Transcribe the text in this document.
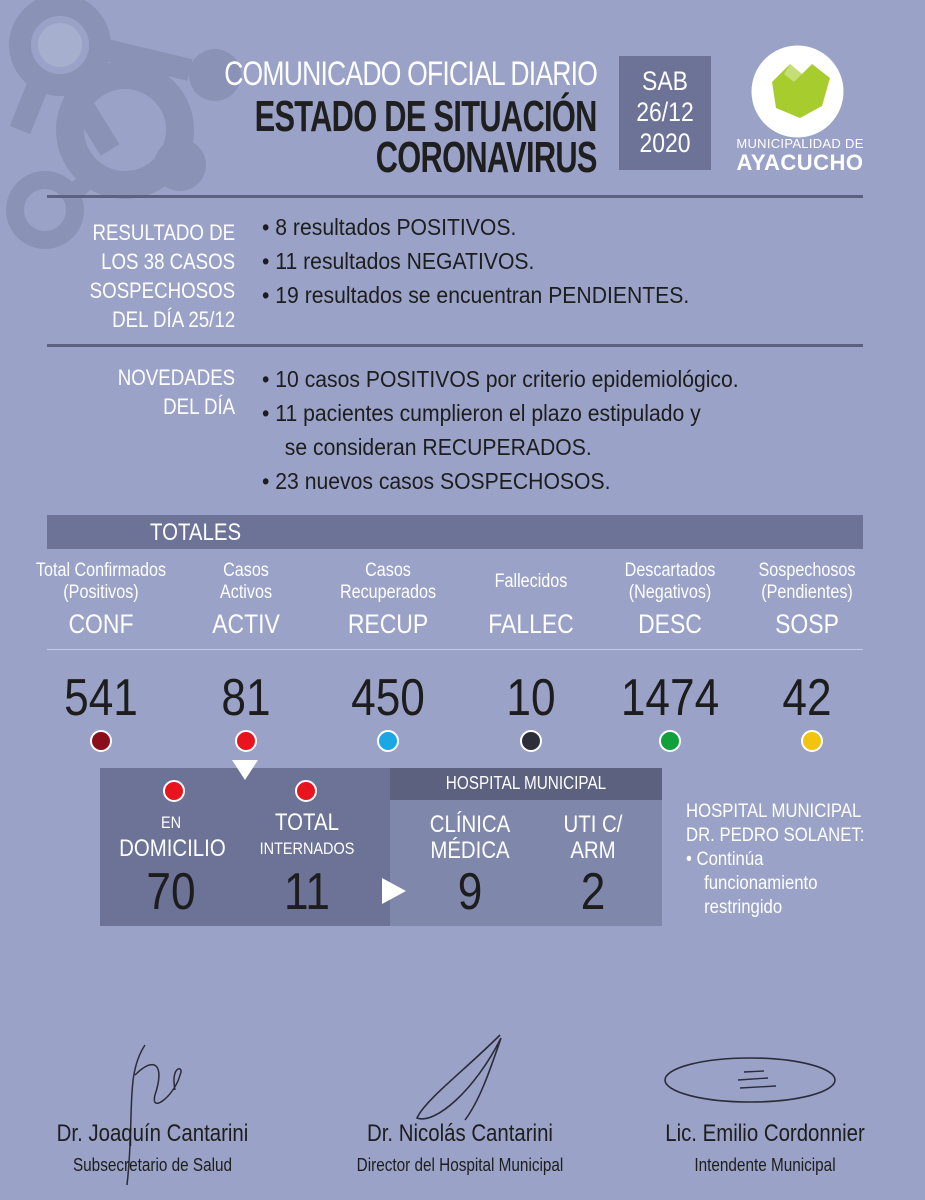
COMUNICADO OFICIAL DIARIO
ESTADO DE SITUACIÓN
CORONAVIRUS
SAB
26/12
2020	MUNICIPALIDAD DE
AYACUCHO
RESULTADO DE
LOS 38 CASOS
SOSPECHOSOS
DEL DÍA 25/12
• 8 resultados POSITIVOS.
• 11 resultados NEGATIVOS.
• 19 resultados se encuentran PENDIENTES.
NOVEDADES
DEL DÍA
• 10 casos POSITIVOS por criterio epidemiológico.
• 11 pacientes cumplieron el plazo estipulado y
se consideran RECUPERADOS.
• 23 nuevos casos SOSPECHOSOS.
TOTALES
Total Confirmados
(Positivos)
CONF
541
Casos
Activos
ACTIV
81
Casos
Recuperados
RECUP
450
Fallecidos
FALLEC
10
Descartados
(Negativos)
DESC
1474
Sospechosos
(Pendientes)
SOSP
42
HOSPITAL MUNICIPAL
EN
DOMICILIO
70
TOTAL
INTERNADOS
11
CLÍNICA
MÉDICA
9
UTI C/
ARM
2
HOSPITAL MUNICIPAL
DR. PEDRO SOLANET:
• Continúa
funcionamiento
restringido
Dr. Joaquín Cantarini
Subsecretario de Salud
Dr. Nicolás Cantarini
Director del Hospital Municipal
Lic. Emilio Cordonnier
Intendente Municipal
